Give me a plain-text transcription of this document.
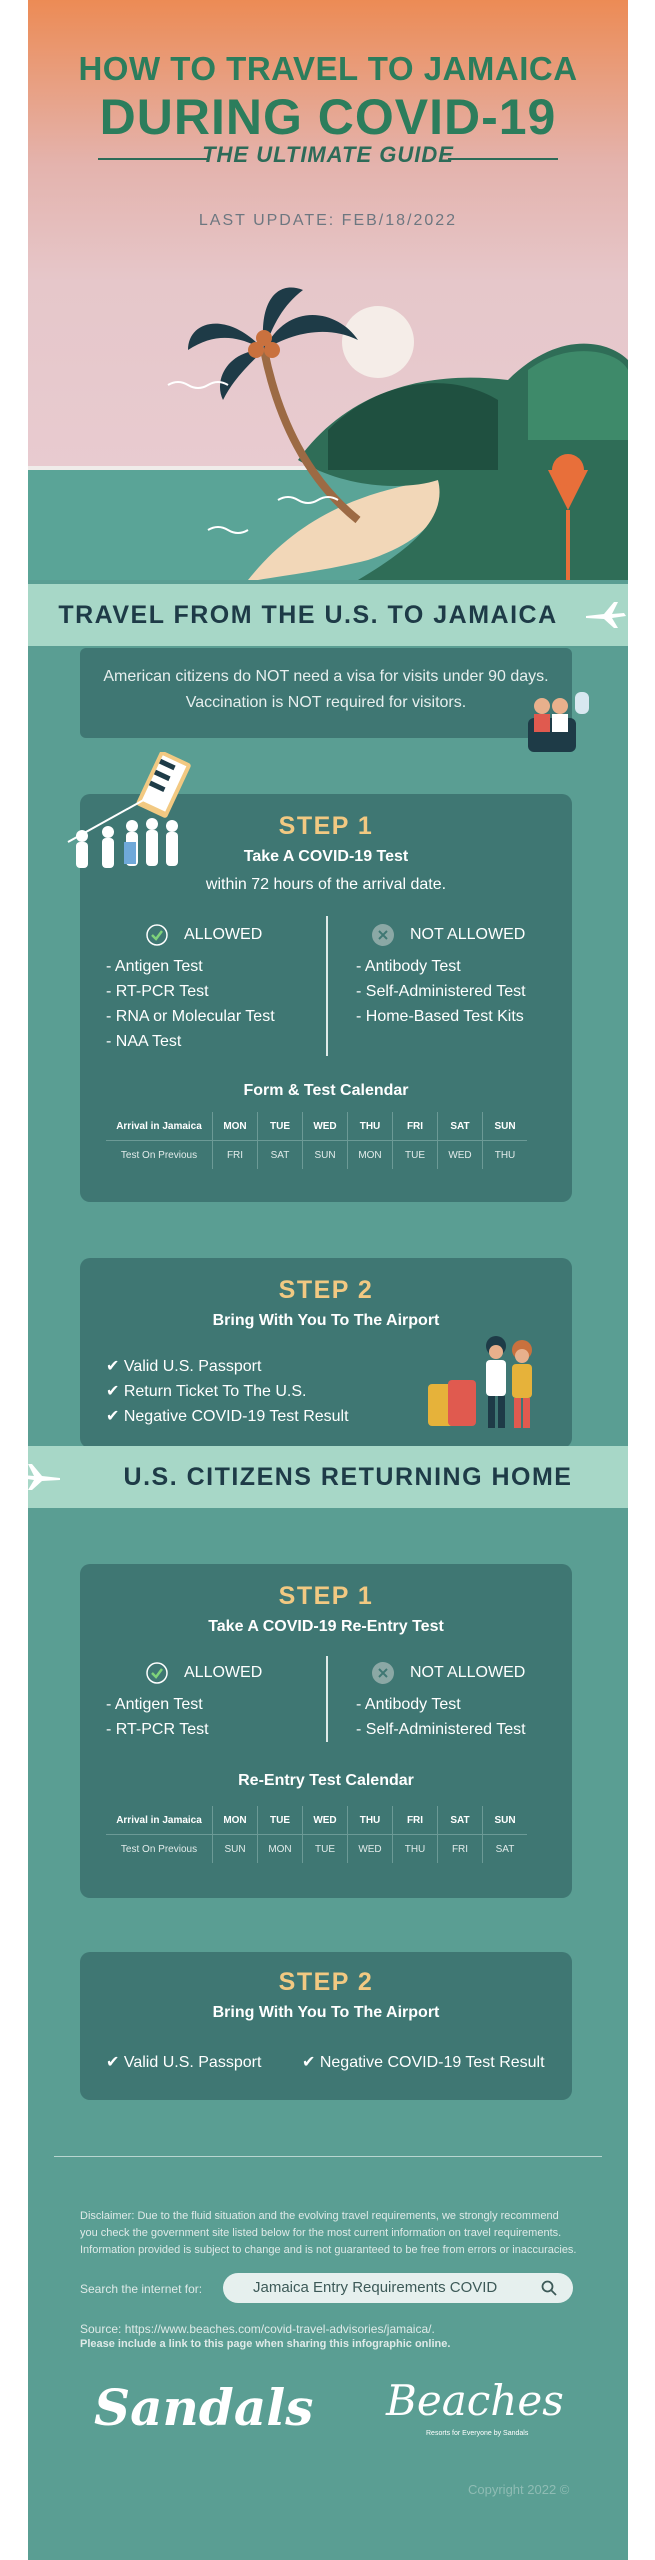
HOW TO TRAVEL TO JAMAICA
DURING COVID-19
THE ULTIMATE GUIDE
LAST UPDATE: FEB/18/2022
TRAVEL FROM THE U.S. TO JAMAICA
American citizens do NOT need a visa for visits under 90 days.
Vaccination is NOT required for visitors.
STEP 1
Take A COVID-19 Test
within 72 hours of the arrival date.
ALLOWED	NOT ALLOWED
- Antigen Test
- RT-PCR Test
- RNA or Molecular Test
- NAA Test
- Antibody Test
- Self-Administered Test
- Home-Based Test Kits
Form & Test Calendar
Arrival in Jamaica	MON	TUE	WED	THU	FRI	SAT	SUN
Test On Previous	FRI	SAT	SUN	MON	TUE	WED	THU
STEP 2
Bring With You To The Airport
✔ Valid U.S. Passport
✔ Return Ticket To The U.S.
✔ Negative COVID-19 Test Result
U.S. CITIZENS RETURNING HOME
STEP 1
Take A COVID-19 Re-Entry Test
ALLOWED	NOT ALLOWED
- Antigen Test
- RT-PCR Test
- Antibody Test
- Self-Administered Test
Re-Entry Test Calendar
Arrival in Jamaica	MON	TUE	WED	THU	FRI	SAT	SUN
Test On Previous	SUN	MON	TUE	WED	THU	FRI	SAT
STEP 2
Bring With You To The Airport
✔ Valid U.S. Passport	✔ Negative COVID-19 Test Result
Disclaimer: Due to the fluid situation and the evolving travel requirements, we strongly recommend
you check the government site listed below for the most current information on travel requirements.
Information provided is subject to change and is not guaranteed to be free from errors or inaccuracies.
Search the internet for:	Jamaica Entry Requirements COVID
Source: https://www.beaches.com/covid-travel-advisories/jamaica/.
Please include a link to this page when sharing this infographic online.
Sandals Beaches
Resorts for Everyone by Sandals
Copyright 2022 ©
